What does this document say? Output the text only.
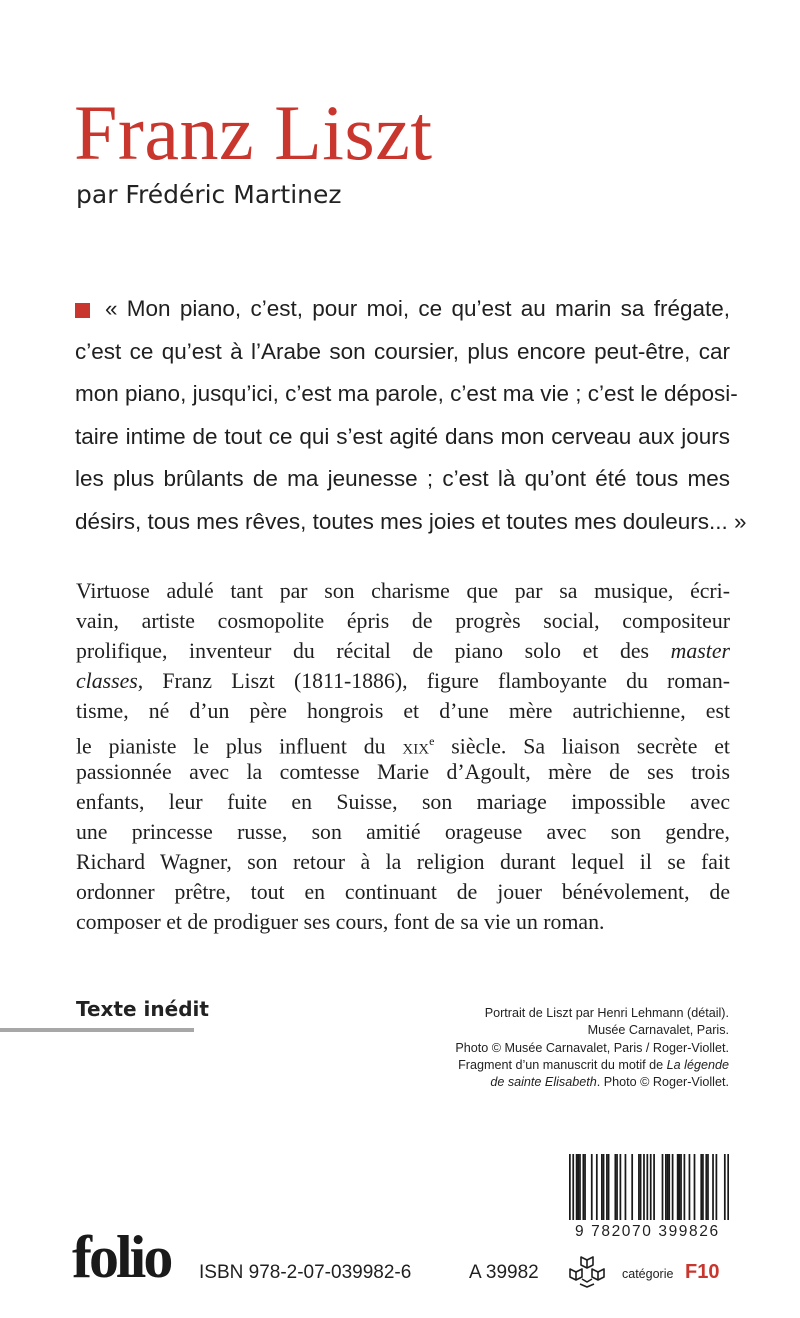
Franz Liszt
par Frédéric Martinez
« Mon piano, c’est, pour moi, ce qu’est au marin sa frégate,
c’est ce qu’est à l’Arabe son coursier, plus encore peut-être, car
mon piano, jusqu’ici, c’est ma parole, c’est ma vie ; c’est le déposi-
taire intime de tout ce qui s’est agité dans mon cerveau aux jours
les plus brûlants de ma jeunesse ; c’est là qu’ont été tous mes
désirs, tous mes rêves, toutes mes joies et toutes mes douleurs... »
Virtuose adulé tant par son charisme que par sa musique, écri-
vain, artiste cosmopolite épris de progrès social, compositeur
prolifique, inventeur du récital de piano solo et des master
classes, Franz Liszt (1811-1886), figure flamboyante du roman-
tisme, né d’un père hongrois et d’une mère autrichienne, est
le pianiste le plus influent du xix$^e$ siècle. Sa liaison secrète et
passionnée avec la comtesse Marie d’Agoult, mère de ses trois
enfants, leur fuite en Suisse, son mariage impossible avec
une princesse russe, son amitié orageuse avec son gendre,
Richard Wagner, son retour à la religion durant lequel il se fait
ordonner prêtre, tout en continuant de jouer bénévolement, de
composer et de prodiguer ses cours, font de sa vie un roman.
Texte inédit	Portrait de Liszt par Henri Lehmann (détail).
Musée Carnavalet, Paris.
Photo © Musée Carnavalet, Paris / Roger-Viollet.
Fragment d’un manuscrit du motif de La légende
de sainte Elisabeth. Photo © Roger-Viollet.
9 782070 399826
folio ISBN 978-2-07-039982-6	A 39982	catégorie F10
